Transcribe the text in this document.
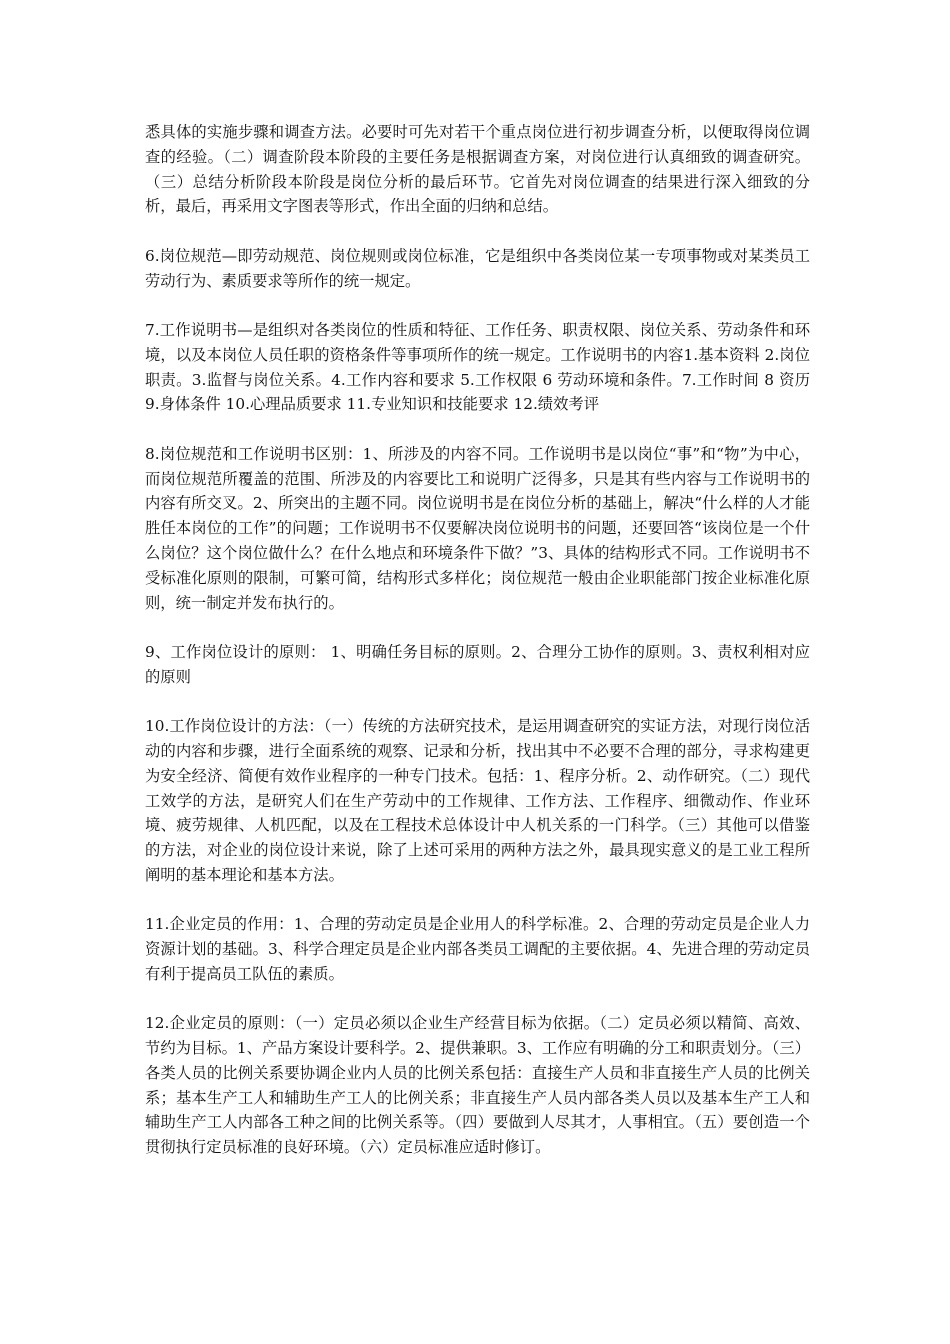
悉具体的实施步骤和调查方法。必要时可先对若干个重点岗位进行初步调查分析，以便取得岗位调查的经验。（二）调查阶段本阶段的主要任务是根据调查方案，对岗位进行认真细致的调查研究。（三）总结分析阶段本阶段是岗位分析的最后环节。它首先对岗位调查的结果进行深入细致的分析，最后，再采用文字图表等形式，作出全面的归纳和总结。

6.岗位规范—即劳动规范、岗位规则或岗位标准，它是组织中各类岗位某一专项事物或对某类员工劳动行为、素质要求等所作的统一规定。

7.工作说明书—是组织对各类岗位的性质和特征、工作任务、职责权限、岗位关系、劳动条件和环境，以及本岗位人员任职的资格条件等事项所作的统一规定。工作说明书的内容1.基本资料 2.岗位职责。3.监督与岗位关系。4.工作内容和要求 5.工作权限 6 劳动环境和条件。7.工作时间 8 资历 9.身体条件 10.心理品质要求 11.专业知识和技能要求 12.绩效考评

8.岗位规范和工作说明书区别：1、所涉及的内容不同。工作说明书是以岗位“事”和“物”为中心，而岗位规范所覆盖的范围、所涉及的内容要比工和说明广泛得多，只是其有些内容与工作说明书的内容有所交叉。2、所突出的主题不同。岗位说明书是在岗位分析的基础上，解决“什么样的人才能胜任本岗位的工作”的问题；工作说明书不仅要解决岗位说明书的问题，还要回答“该岗位是一个什么岗位？这个岗位做什么？在什么地点和环境条件下做？”3、具体的结构形式不同。工作说明书不受标准化原则的限制，可繁可简，结构形式多样化；岗位规范一般由企业职能部门按企业标准化原则，统一制定并发布执行的。

9、工作岗位设计的原则： 1、明确任务目标的原则。2、合理分工协作的原则。3、责权利相对应的原则

10.工作岗位设计的方法：（一）传统的方法研究技术，是运用调查研究的实证方法，对现行岗位活动的内容和步骤，进行全面系统的观察、记录和分析，找出其中不必要不合理的部分，寻求构建更为安全经济、简便有效作业程序的一种专门技术。包括：1、程序分析。2、动作研究。（二）现代工效学的方法，是研究人们在生产劳动中的工作规律、工作方法、工作程序、细微动作、作业环境、疲劳规律、人机匹配，以及在工程技术总体设计中人机关系的一门科学。（三）其他可以借鉴的方法，对企业的岗位设计来说，除了上述可采用的两种方法之外，最具现实意义的是工业工程所阐明的基本理论和基本方法。

11.企业定员的作用：1、合理的劳动定员是企业用人的科学标准。2、合理的劳动定员是企业人力资源计划的基础。3、科学合理定员是企业内部各类员工调配的主要依据。4、先进合理的劳动定员有利于提高员工队伍的素质。

12.企业定员的原则：（一）定员必须以企业生产经营目标为依据。（二）定员必须以精简、高效、节约为目标。1、产品方案设计要科学。2、提供兼职。3、工作应有明确的分工和职责划分。（三）各类人员的比例关系要协调企业内人员的比例关系包括：直接生产人员和非直接生产人员的比例关系；基本生产工人和辅助生产工人的比例关系；非直接生产人员内部各类人员以及基本生产工人和辅助生产工人内部各工种之间的比例关系等。（四）要做到人尽其才，人事相宜。（五）要创造一个贯彻执行定员标准的良好环境。（六）定员标准应适时修订。
